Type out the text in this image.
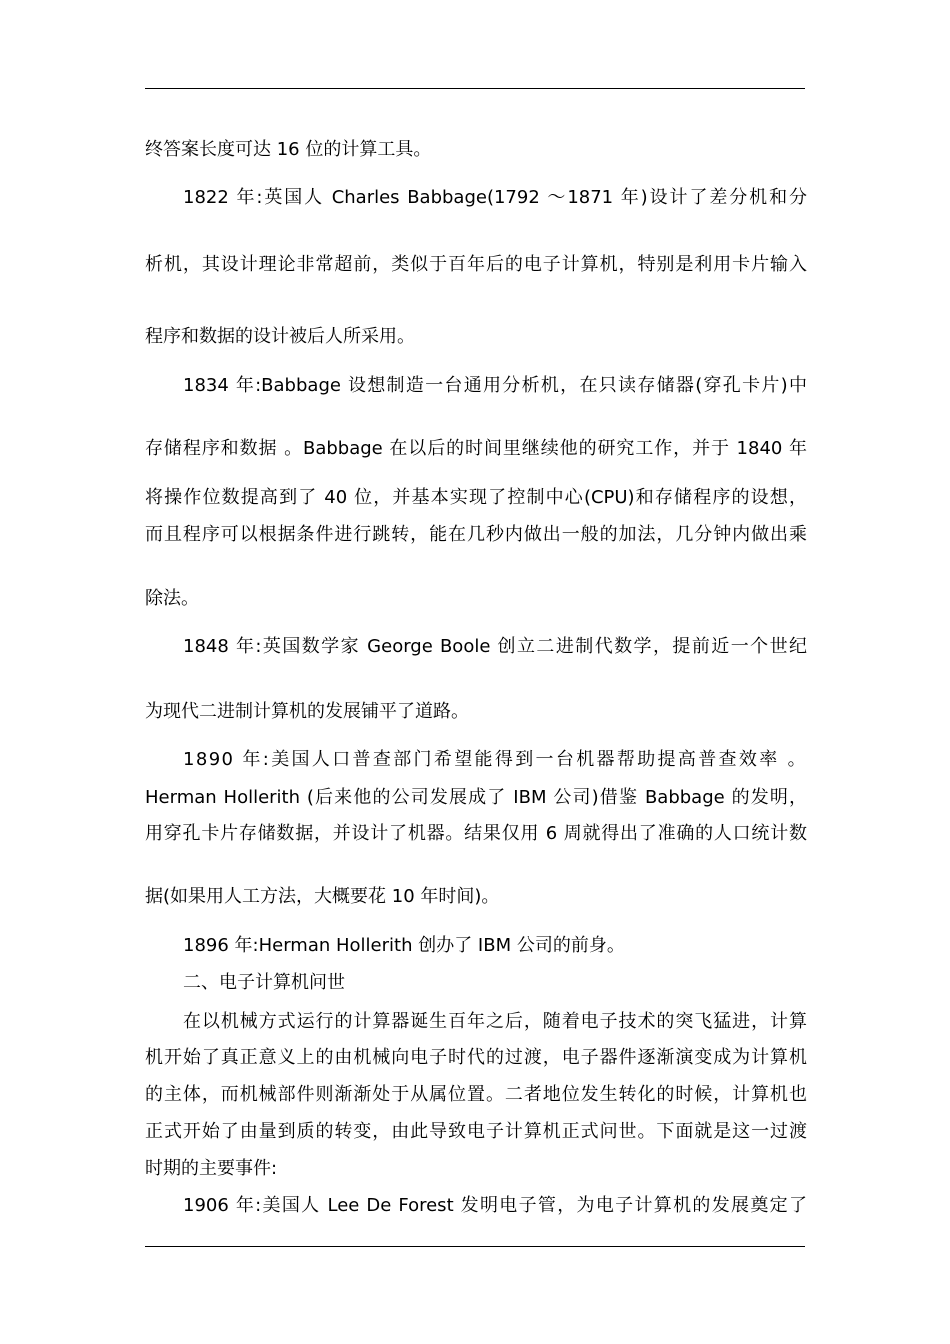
终答案长度可达 16 位的计算工具。
1822 年:英国人 Charles Babbage(1792 ～1871 年)设计了差分机和分
析机，其设计理论非常超前，类似于百年后的电子计算机，特别是利用卡片输入
程序和数据的设计被后人所采用。
1834 年:Babbage 设想制造一台通用分析机，在只读存储器(穿孔卡片)中
存储程序和数据 。Babbage 在以后的时间里继续他的研究工作，并于 1840 年
将操作位数提高到了 40 位，并基本实现了控制中心(CPU)和存储程序的设想，
而且程序可以根据条件进行跳转，能在几秒内做出一般的加法，几分钟内做出乘
除法。
1848 年:英国数学家 George Boole 创立二进制代数学，提前近一个世纪
为现代二进制计算机的发展铺平了道路。
1890 年:美国人口普查部门希望能得到一台机器帮助提高普查效率 。
Herman Hollerith (后来他的公司发展成了 IBM 公司)借鉴 Babbage 的发明，
用穿孔卡片存储数据，并设计了机器。结果仅用 6 周就得出了准确的人口统计数
据(如果用人工方法，大概要花 10 年时间)。
1896 年:Herman Hollerith 创办了 IBM 公司的前身。
二、电子计算机问世
在以机械方式运行的计算器诞生百年之后，随着电子技术的突飞猛进，计算
机开始了真正意义上的由机械向电子时代的过渡，电子器件逐渐演变成为计算机
的主体，而机械部件则渐渐处于从属位置。二者地位发生转化的时候，计算机也
正式开始了由量到质的转变，由此导致电子计算机正式问世。下面就是这一过渡
时期的主要事件:
1906 年:美国人 Lee De Forest 发明电子管，为电子计算机的发展奠定了
